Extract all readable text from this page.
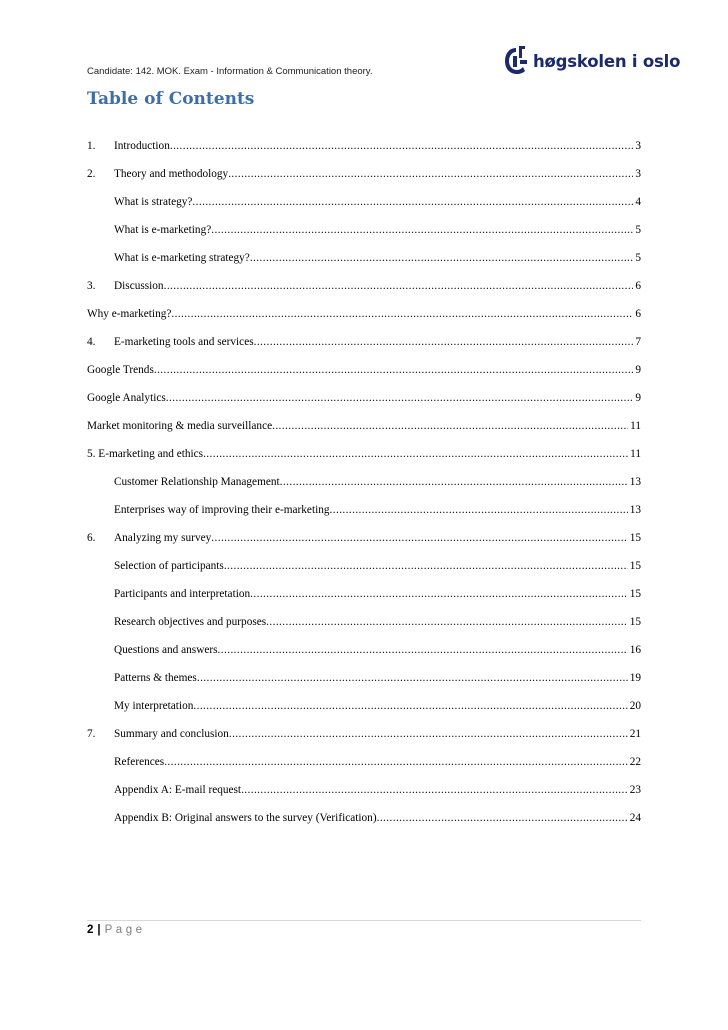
Candidate: 142. MOK. Exam - Information & Communication theory.
høgskolen i oslo
Table of Contents
1.	Introduction .....	3
2.	Theory and methodology .....	3
What is strategy? .....	4
What is e-marketing? .....	5
What is e-marketing strategy? .....	5
3.	Discussion .....	6
Why e-marketing? .....	6
4.	E-marketing tools and services .....	7
Google Trends .....	9
Google Analytics .....	9
Market monitoring & media surveillance .....	11
5. E-marketing and ethics .....	11
Customer Relationship Management .....	13
Enterprises way of improving their e-marketing .....	13
6.	Analyzing my survey .....	15
Selection of participants .....	15
Participants and interpretation .....	15
Research objectives and purposes .....	15
Questions and answers .....	16
Patterns & themes .....	19
My interpretation .....	20
7.	Summary and conclusion .....	21
References .....	22
Appendix A: E-mail request .....	23
Appendix B: Original answers to the survey (Verification) .....	24
2 | Page
